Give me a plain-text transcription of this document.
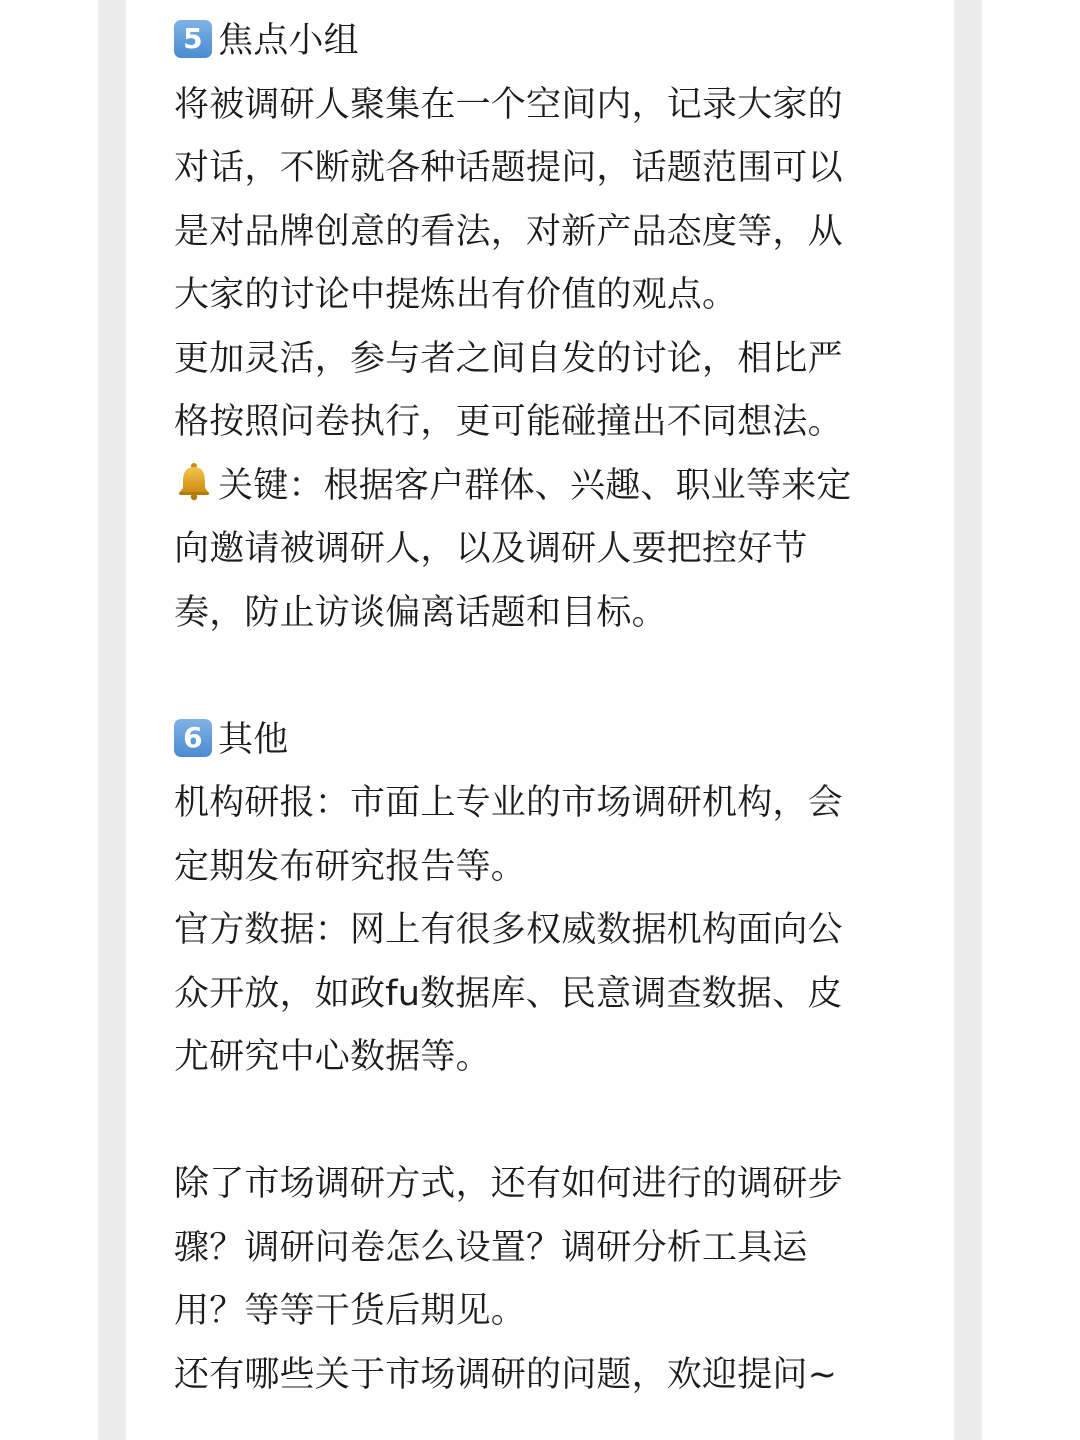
5 焦点小组
将被调研人聚集在一个空间内，记录大家的
对话，不断就各种话题提问，话题范围可以
是对品牌创意的看法，对新产品态度等，从
大家的讨论中提炼出有价值的观点。
更加灵活，参与者之间自发的讨论，相比严
格按照问卷执行，更可能碰撞出不同想法。
关键：根据客户群体、兴趣、职业等来定
向邀请被调研人，以及调研人要把控好节
奏，防止访谈偏离话题和目标。
6 其他
机构研报：市面上专业的市场调研机构，会
定期发布研究报告等。
官方数据：网上有很多权威数据机构面向公
众开放，如政fu数据库、民意调查数据、皮
尤研究中心数据等。
除了市场调研方式，还有如何进行的调研步
骤？调研问卷怎么设置？调研分析工具运
用？等等干货后期见。
还有哪些关于市场调研的问题，欢迎提问~
